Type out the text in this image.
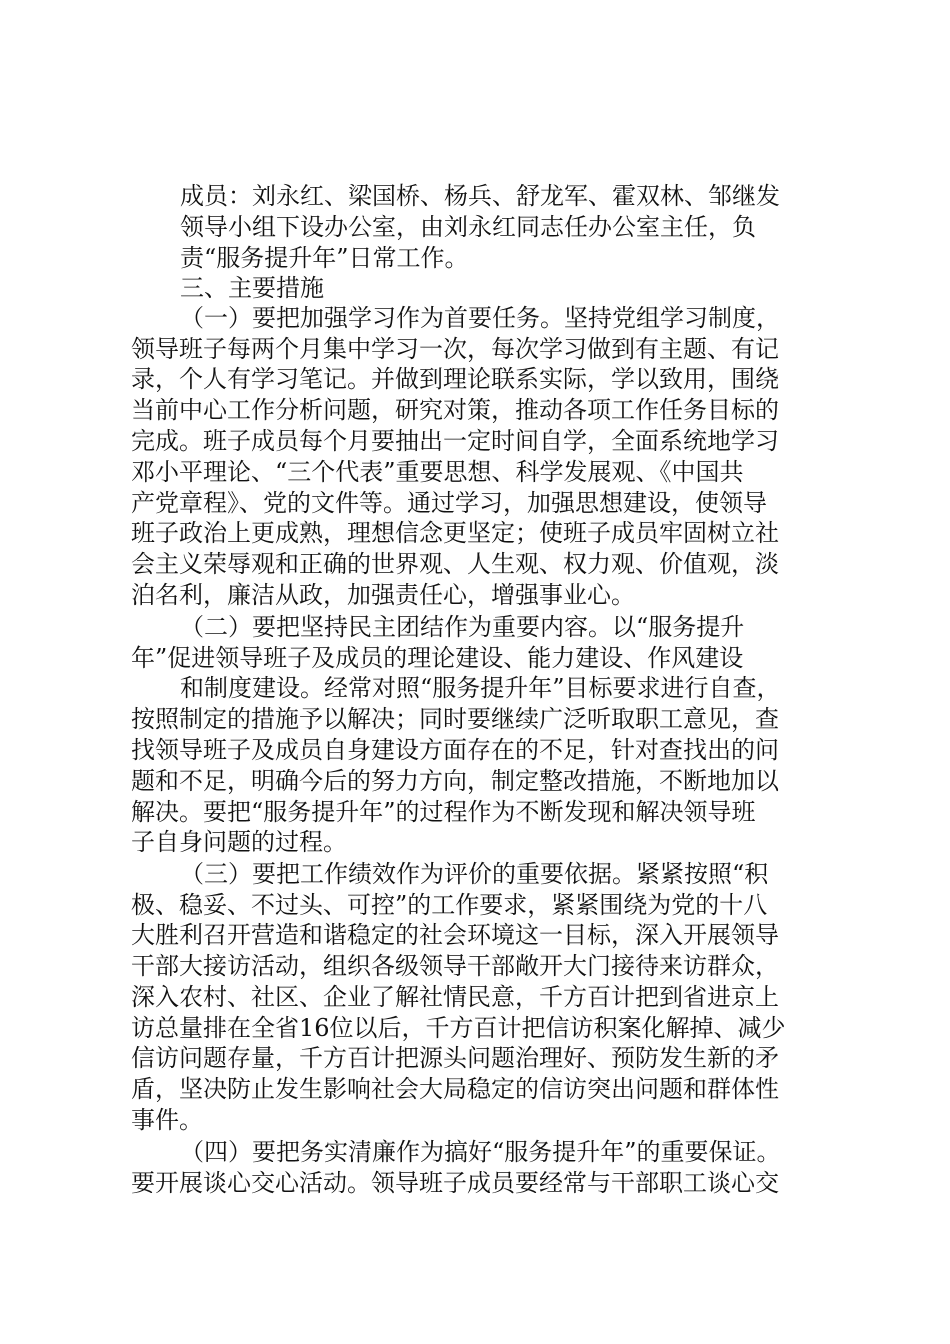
成员：刘永红、梁国桥、杨兵、舒龙军、霍双林、邹继发
领导小组下设办公室，由刘永红同志任办公室主任，负
责“服务提升年”日常工作。
三、主要措施
（一）要把加强学习作为首要任务。坚持党组学习制度，
领导班子每两个月集中学习一次，每次学习做到有主题、有记
录，个人有学习笔记。并做到理论联系实际，学以致用，围绕
当前中心工作分析问题，研究对策，推动各项工作任务目标的
完成。班子成员每个月要抽出一定时间自学，全面系统地学习
邓小平理论、“三个代表”重要思想、科学发展观、《中国共
产党章程》、党的文件等。通过学习，加强思想建设，使领导
班子政治上更成熟，理想信念更坚定；使班子成员牢固树立社
会主义荣辱观和正确的世界观、人生观、权力观、价值观，淡
泊名利，廉洁从政，加强责任心，增强事业心。
（二）要把坚持民主团结作为重要内容。以“服务提升
年”促进领导班子及成员的理论建设、能力建设、作风建设
和制度建设。经常对照“服务提升年”目标要求进行自查，
按照制定的措施予以解决；同时要继续广泛听取职工意见，查
找领导班子及成员自身建设方面存在的不足，针对查找出的问
题和不足，明确今后的努力方向，制定整改措施，不断地加以
解决。要把“服务提升年”的过程作为不断发现和解决领导班
子自身问题的过程。
（三）要把工作绩效作为评价的重要依据。紧紧按照“积
极、稳妥、不过头、可控”的工作要求，紧紧围绕为党的十八
大胜利召开营造和谐稳定的社会环境这一目标，深入开展领导
干部大接访活动，组织各级领导干部敞开大门接待来访群众，
深入农村、社区、企业了解社情民意，千方百计把到省进京上
访总量排在全省16位以后，千方百计把信访积案化解掉、减少
信访问题存量，千方百计把源头问题治理好、预防发生新的矛
盾，坚决防止发生影响社会大局稳定的信访突出问题和群体性
事件。
（四）要把务实清廉作为搞好“服务提升年”的重要保证。
要开展谈心交心活动。领导班子成员要经常与干部职工谈心交
